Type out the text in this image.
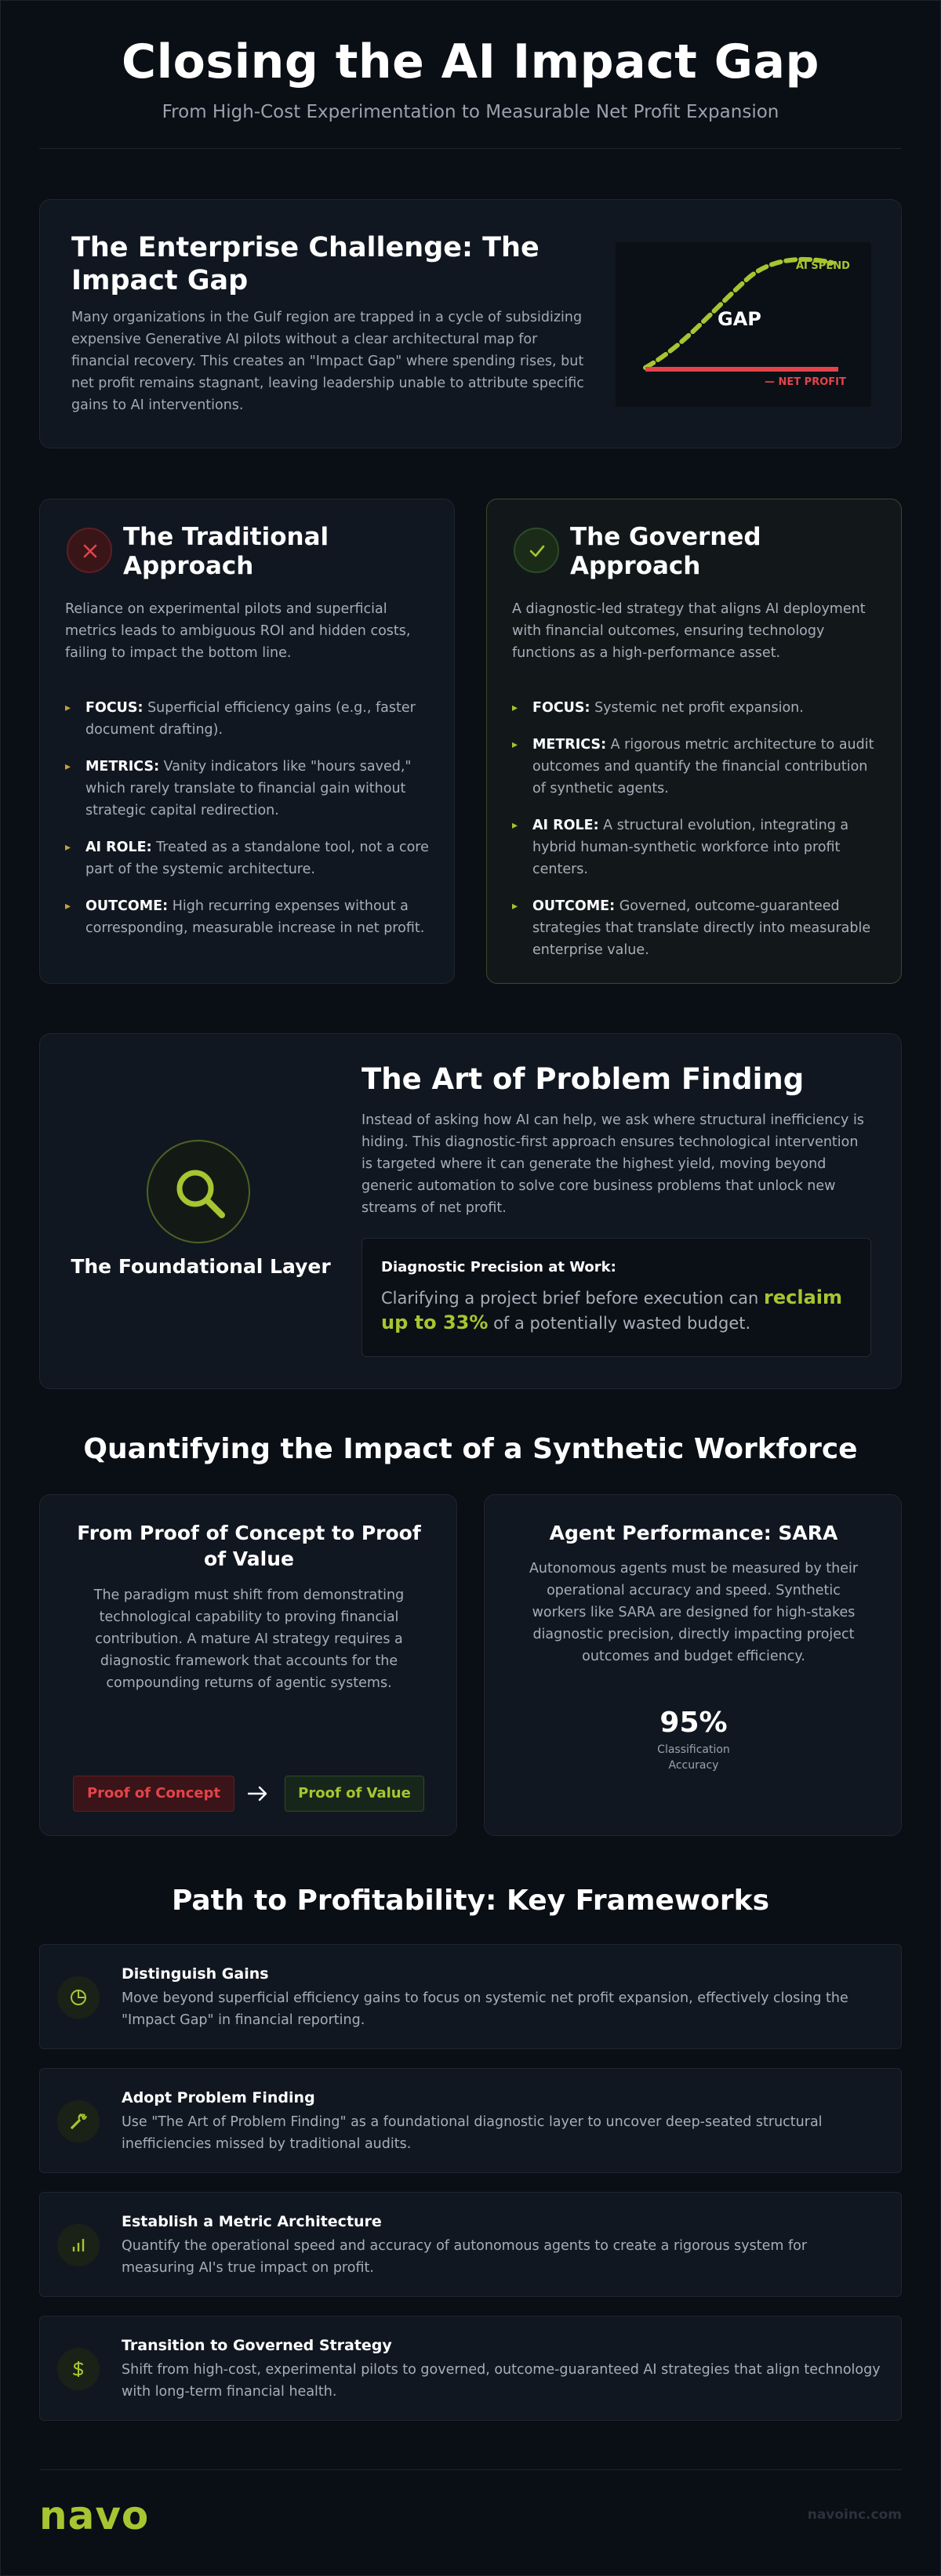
Closing the AI Impact Gap
From High-Cost Experimentation to Measurable Net Profit Expansion
The Enterprise Challenge: The Impact Gap

Many organizations in the Gulf region are trapped in a cycle of subsidizing expensive Generative AI pilots without a clear architectural map for financial recovery. This creates an "Impact Gap" where spending rises, but net profit remains stagnant, leaving leadership unable to attribute specific gains to AI interventions.

AI SPEND
GAP
— NET PROFIT
The Traditional Approach
Reliance on experimental pilots and superficial metrics leads to ambiguous ROI and hidden costs, failing to impact the bottom line.
▸ FOCUS: Superficial efficiency gains (e.g., faster document drafting).
▸ METRICS: Vanity indicators like "hours saved," which rarely translate to financial gain without strategic capital redirection.
▸ AI ROLE: Treated as a standalone tool, not a core part of the systemic architecture.
▸ OUTCOME: High recurring expenses without a corresponding, measurable increase in net profit.
The Governed Approach
A diagnostic-led strategy that aligns AI deployment with financial outcomes, ensuring technology functions as a high-performance asset.
▸ FOCUS: Systemic net profit expansion.
▸ METRICS: A rigorous metric architecture to audit outcomes and quantify the financial contribution of synthetic agents.
▸ AI ROLE: A structural evolution, integrating a hybrid human-synthetic workforce into profit centers.
▸ OUTCOME: Governed, outcome-guaranteed strategies that translate directly into measurable enterprise value.
The Foundational Layer
The Art of Problem Finding
Instead of asking how AI can help, we ask where structural inefficiency is hiding. This diagnostic-first approach ensures technological intervention is targeted where it can generate the highest yield, moving beyond generic automation to solve core business problems that unlock new streams of net profit.
Diagnostic Precision at Work:
Clarifying a project brief before execution can reclaim up to 33% of a potentially wasted budget.
Quantifying the Impact of a Synthetic Workforce
From Proof of Concept to Proof of Value

The paradigm must shift from demonstrating technological capability to proving financial contribution. A mature AI strategy requires a diagnostic framework that accounts for the compounding returns of agentic systems.

Proof of Concept	Proof of Value
Agent Performance: SARA

Autonomous agents must be measured by their operational accuracy and speed. Synthetic workers like SARA are designed for high-stakes diagnostic precision, directly impacting project outcomes and budget efficiency.

95%
Classification
Accuracy
Path to Profitability: Key Frameworks
Distinguish Gains

Move beyond superficial efficiency gains to focus on systemic net profit expansion, effectively closing the "Impact Gap" in financial reporting.

Adopt Problem Finding

Use "The Art of Problem Finding" as a foundational diagnostic layer to uncover deep-seated structural inefficiencies missed by traditional audits.

Establish a Metric Architecture

Quantify the operational speed and accuracy of autonomous agents to create a rigorous system for measuring AI's true impact on profit.

Transition to Governed Strategy

Shift from high-cost, experimental pilots to governed, outcome-guaranteed AI strategies that align technology with long-term financial health.

navo	navoinc.com
